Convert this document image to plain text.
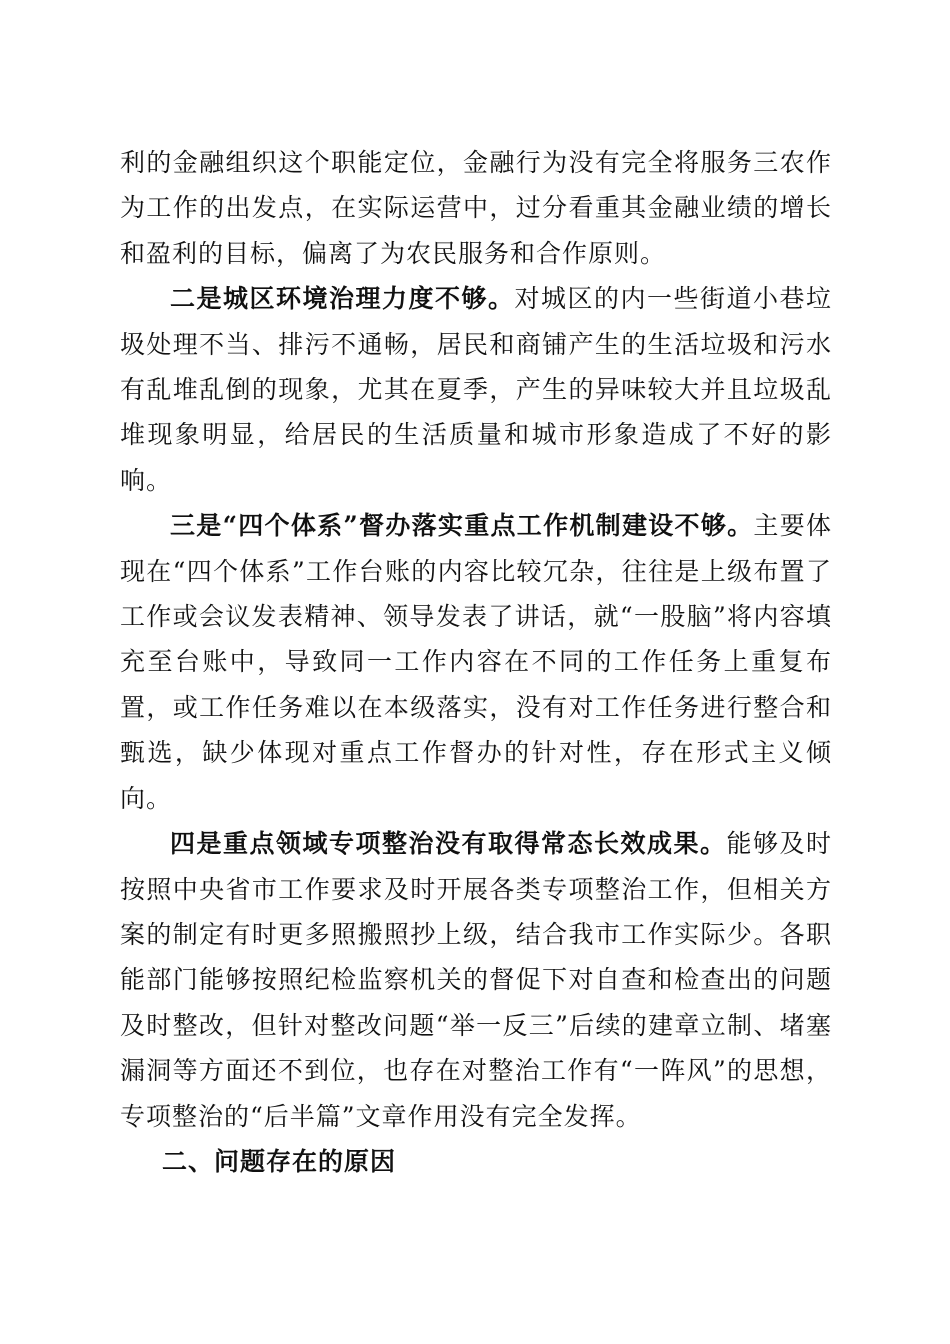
利的金融组织这个职能定位，金融行为没有完全将服务三农作为工作的出发点，在实际运营中，过分看重其金融业绩的增长和盈利的目标，偏离了为农民服务和合作原则。

二是城区环境治理力度不够。对城区的内一些街道小巷垃圾处理不当、排污不通畅，居民和商铺产生的生活垃圾和污水有乱堆乱倒的现象，尤其在夏季，产生的异味较大并且垃圾乱堆现象明显，给居民的生活质量和城市形象造成了不好的影响。

三是“四个体系”督办落实重点工作机制建设不够。主要体现在“四个体系”工作台账的内容比较冗杂，往往是上级布置了工作或会议发表精神、领导发表了讲话，就“一股脑”将内容填充至台账中，导致同一工作内容在不同的工作任务上重复布置，或工作任务难以在本级落实，没有对工作任务进行整合和甄选，缺少体现对重点工作督办的针对性，存在形式主义倾向。

四是重点领域专项整治没有取得常态长效成果。能够及时按照中央省市工作要求及时开展各类专项整治工作，但相关方案的制定有时更多照搬照抄上级，结合我市工作实际少。各职能部门能够按照纪检监察机关的督促下对自查和检查出的问题及时整改，但针对整改问题“举一反三”后续的建章立制、堵塞漏洞等方面还不到位，也存在对整治工作有“一阵风”的思想，专项整治的“后半篇”文章作用没有完全发挥。

二、问题存在的原因
